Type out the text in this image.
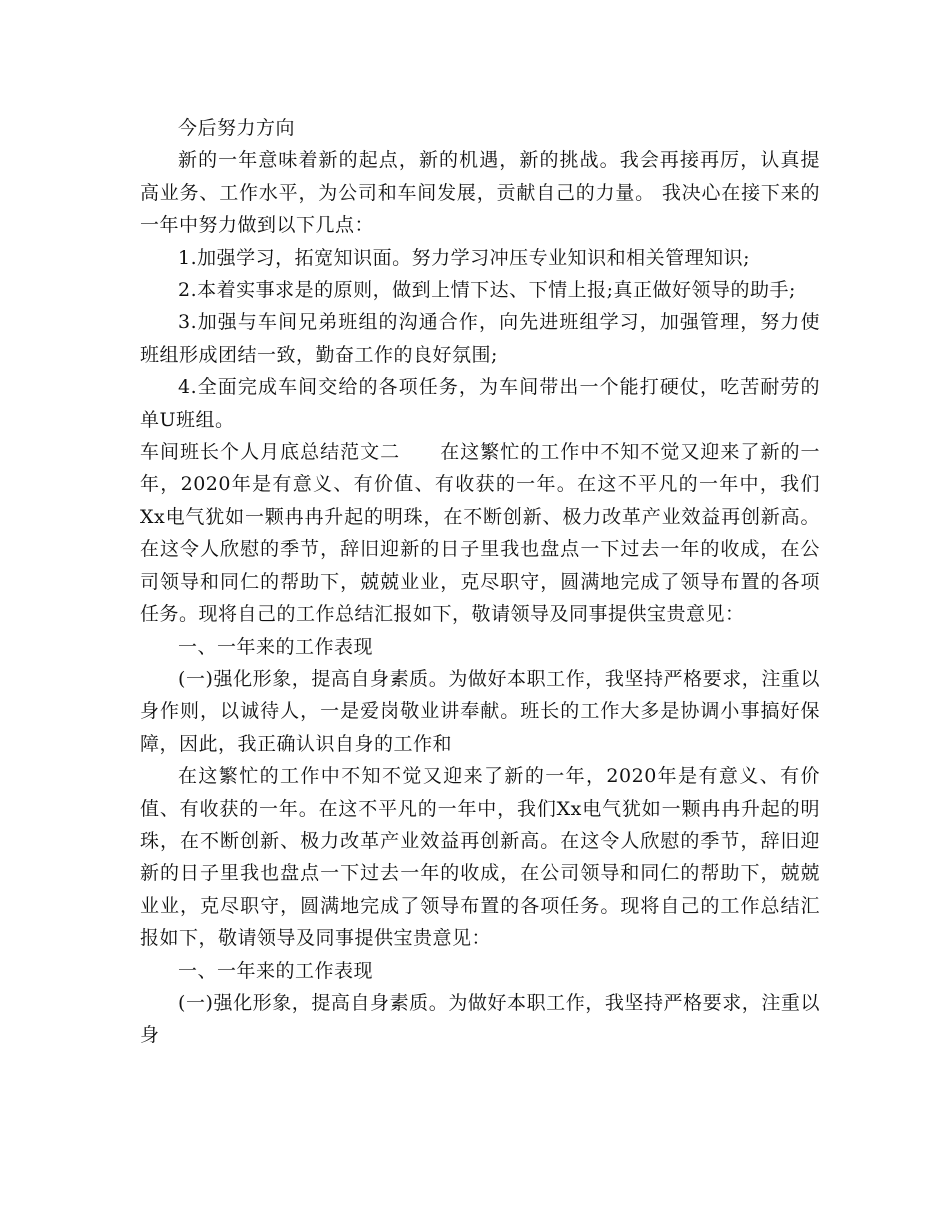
今后努力方向

新的一年意味着新的起点，新的机遇，新的挑战。我会再接再厉，认真提高业务、工作水平，为公司和车间发展，贡献自己的力量。 我决心在接下来的一年中努力做到以下几点：

1.加强学习，拓宽知识面。努力学习冲压专业知识和相关管理知识;

2.本着实事求是的原则，做到上情下达、下情上报;真正做好领导的助手;

3.加强与车间兄弟班组的沟通合作，向先进班组学习，加强管理，努力使班组形成团结一致，勤奋工作的良好氛围;

4.全面完成车间交给的各项任务，为车间带出一个能打硬仗，吃苦耐劳的单U班组。

车间班长个人月底总结范文二　　在这繁忙的工作中不知不觉又迎来了新的一年，2020年是有意义、有价值、有收获的一年。在这不平凡的一年中，我们Xx电气犹如一颗冉冉升起的明珠，在不断创新、极力改革产业效益再创新高。在这令人欣慰的季节，辞旧迎新的日子里我也盘点一下过去一年的收成，在公司领导和同仁的帮助下，兢兢业业，克尽职守，圆满地完成了领导布置的各项任务。现将自己的工作总结汇报如下，敬请领导及同事提供宝贵意见：

一、一年来的工作表现

(一)强化形象，提高自身素质。为做好本职工作，我坚持严格要求，注重以身作则，以诚待人，一是爱岗敬业讲奉献。班长的工作大多是协调小事搞好保障，因此，我正确认识自身的工作和

在这繁忙的工作中不知不觉又迎来了新的一年，2020年是有意义、有价值、有收获的一年。在这不平凡的一年中，我们Xx电气犹如一颗冉冉升起的明珠，在不断创新、极力改革产业效益再创新高。在这令人欣慰的季节，辞旧迎新的日子里我也盘点一下过去一年的收成，在公司领导和同仁的帮助下，兢兢业业，克尽职守，圆满地完成了领导布置的各项任务。现将自己的工作总结汇报如下，敬请领导及同事提供宝贵意见：

一、一年来的工作表现

(一)强化形象，提高自身素质。为做好本职工作，我坚持严格要求，注重以身
